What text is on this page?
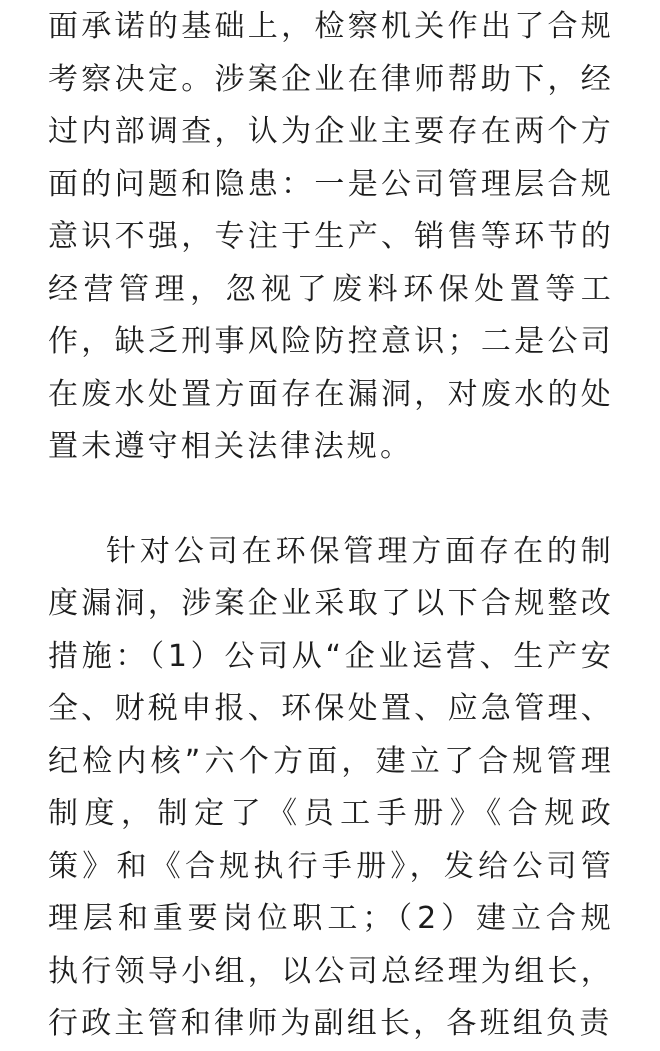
面承诺的基础上，检察机关作出了合规考察决定。涉案企业在律师帮助下，经过内部调查，认为企业主要存在两个方面的问题和隐患：一是公司管理层合规意识不强，专注于生产、销售等环节的经营管理，忽视了废料环保处置等工作，缺乏刑事风险防控意识；二是公司在废水处置方面存在漏洞，对废水的处置未遵守相关法律法规。

针对公司在环保管理方面存在的制度漏洞，涉案企业采取了以下合规整改措施：（1）公司从“企业运营、生产安全、财税申报、环保处置、应急管理、纪检内核”六个方面，建立了合规管理制度，制定了《员工手册》《合规政策》和《合规执行手册》，发给公司管理层和重要岗位职工；（2）建立合规执行领导小组，以公司总经理为组长，行政主管和律师为副组长，各班组负责
